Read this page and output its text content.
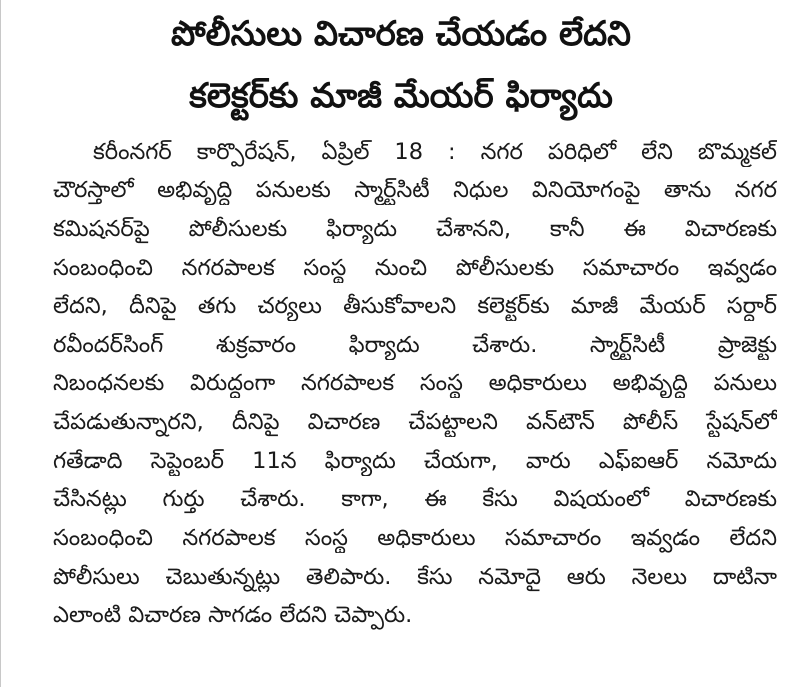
పోలీసులు విచారణ చేయడం లేదని
కలెక్టర్‌కు మాజీ మేయర్ ఫిర్యాదు
కరీంనగర్ కార్పొరేషన్, ఏప్రిల్ 18 : నగర పరిధిలో లేని బొమ్మకల్
చౌరస్తాలో అభివృద్ధి పనులకు స్మార్ట్‌సిటీ నిధుల వినియోగంపై తాను నగర
కమిషనర్‌పై పోలీసులకు ఫిర్యాదు చేశానని, కానీ ఈ విచారణకు
సంబంధించి నగరపాలక సంస్థ నుంచి పోలీసులకు సమాచారం ఇవ్వడం
లేదని, దీనిపై తగు చర్యలు తీసుకోవాలని కలెక్టర్‌కు మాజీ మేయర్ సర్దార్
రవీందర్‌సింగ్ శుక్రవారం ఫిర్యాదు చేశారు. స్మార్ట్‌సిటీ ప్రాజెక్టు
నిబంధనలకు విరుద్ధంగా నగరపాలక సంస్థ అధికారులు అభివృద్ధి పనులు
చేపడుతున్నారని, దీనిపై విచారణ చేపట్టాలని వన్‌టౌన్ పోలీస్ స్టేషన్‌లో
గతేడాది సెప్టెంబర్ 11న ఫిర్యాదు చేయగా, వారు ఎఫ్‌ఐఆర్ నమోదు
చేసినట్లు గుర్తు చేశారు. కాగా, ఈ కేసు విషయంలో విచారణకు
సంబంధించి నగరపాలక సంస్థ అధికారులు సమాచారం ఇవ్వడం లేదని
పోలీసులు చెబుతున్నట్లు తెలిపారు. కేసు నమోదై ఆరు నెలలు దాటినా
ఎలాంటి విచారణ సాగడం లేదని చెప్పారు.
